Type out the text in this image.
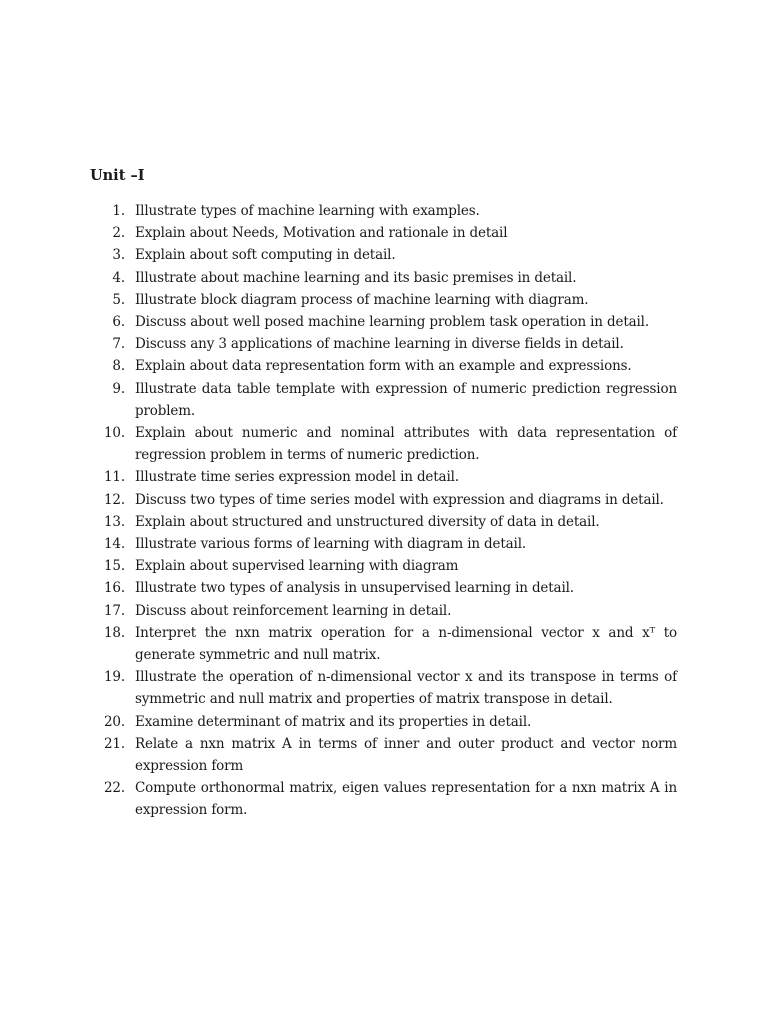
Unit –I
1. Illustrate types of machine learning with examples.
2. Explain about Needs, Motivation and rationale in detail
3. Explain about soft computing in detail.
4. Illustrate about machine learning and its basic premises in detail.
5. Illustrate block diagram process of machine learning with diagram.
6. Discuss about well posed machine learning problem task operation in detail.
7. Discuss any 3 applications of machine learning in diverse fields in detail.
8. Explain about data representation form with an example and expressions.
9. Illustrate data table template with expression of numeric prediction regression problem.
10. Explain about numeric and nominal attributes with data representation of regression problem in terms of numeric prediction.
11. Illustrate time series expression model in detail.
12. Discuss two types of time series model with expression and diagrams in detail.
13. Explain about structured and unstructured diversity of data in detail.
14. Illustrate various forms of learning with diagram in detail.
15. Explain about supervised learning with diagram
16. Illustrate two types of analysis in unsupervised learning in detail.
17. Discuss about reinforcement learning in detail.
18. Interpret the nxn matrix operation for a n-dimensional vector x and xᵀ to generate symmetric and null matrix.
19. Illustrate the operation of n-dimensional vector x and its transpose in terms of symmetric and null matrix and properties of matrix transpose in detail.
20. Examine determinant of matrix and its properties in detail.
21. Relate a nxn matrix A in terms of inner and outer product and vector norm expression form
22. Compute orthonormal matrix, eigen values representation for a nxn matrix A in expression form.
